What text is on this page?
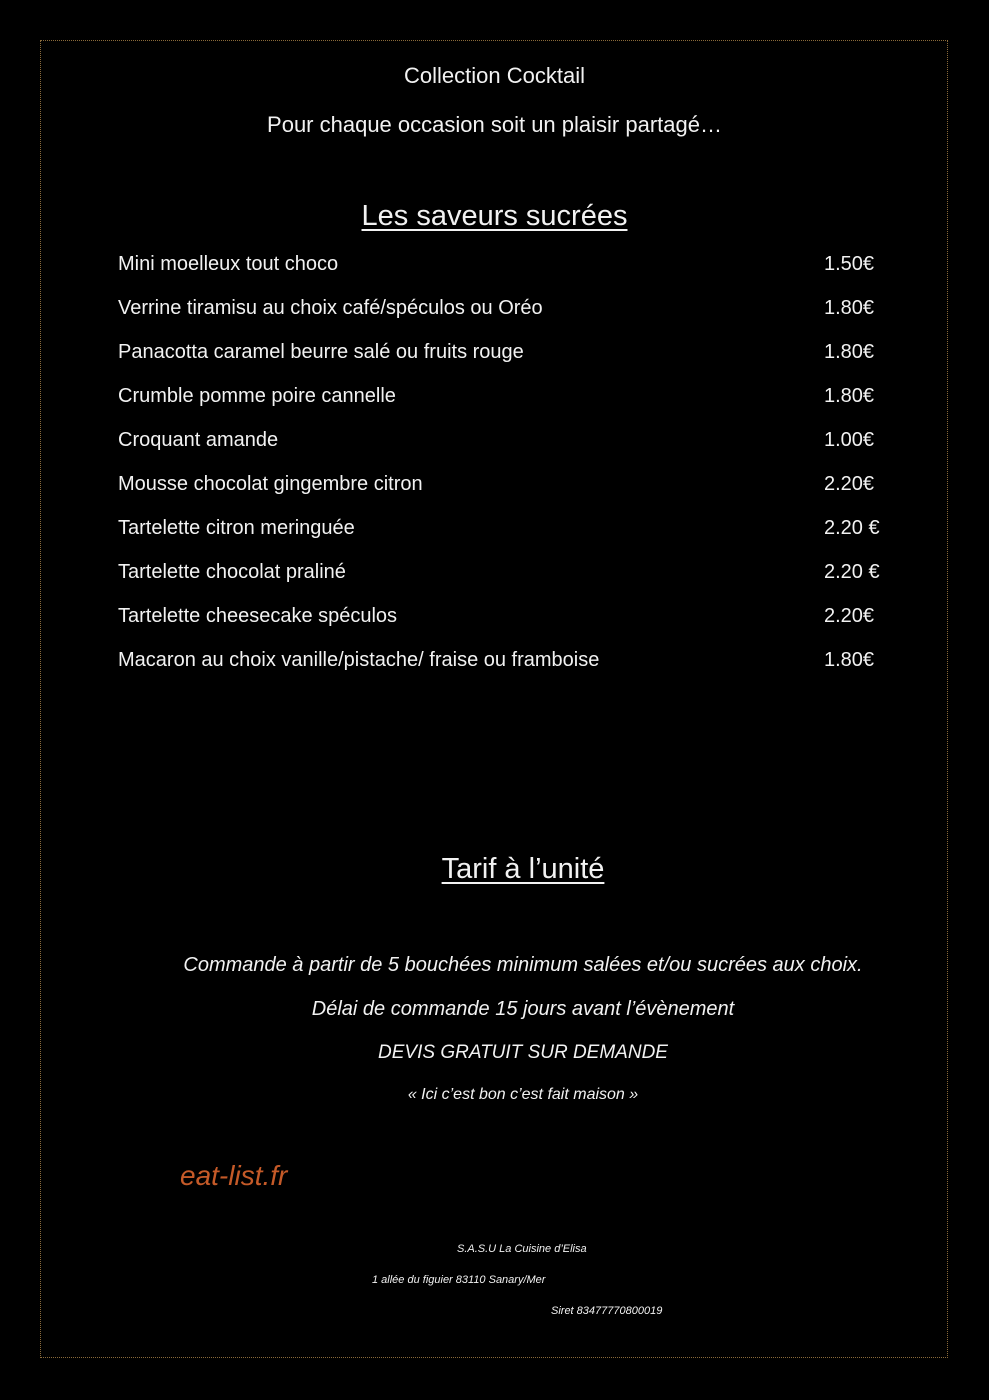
Collection Cocktail
Pour chaque occasion soit un plaisir partagé…
Les saveurs sucrées
Mini moelleux tout choco	1.50€
Verrine tiramisu au choix café/spéculos ou Oréo	1.80€
Panacotta caramel beurre salé ou fruits rouge	1.80€
Crumble pomme poire cannelle	1.80€
Croquant amande	1.00€
Mousse chocolat gingembre citron	2.20€
Tartelette citron meringuée	2.20 €
Tartelette chocolat praliné	2.20 €
Tartelette cheesecake spéculos	2.20€
Macaron au choix vanille/pistache/ fraise ou framboise	1.80€
Tarif à l’unité
Commande à partir de 5 bouchées minimum salées et/ou sucrées aux choix.
Délai de commande 15 jours avant l’évènement
DEVIS GRATUIT SUR DEMANDE
« Ici c’est bon c’est fait maison »
eat-list.fr
S.A.S.U La Cuisine d’Elisa
1 allée du figuier 83110 Sanary/Mer
Siret 83477770800019
